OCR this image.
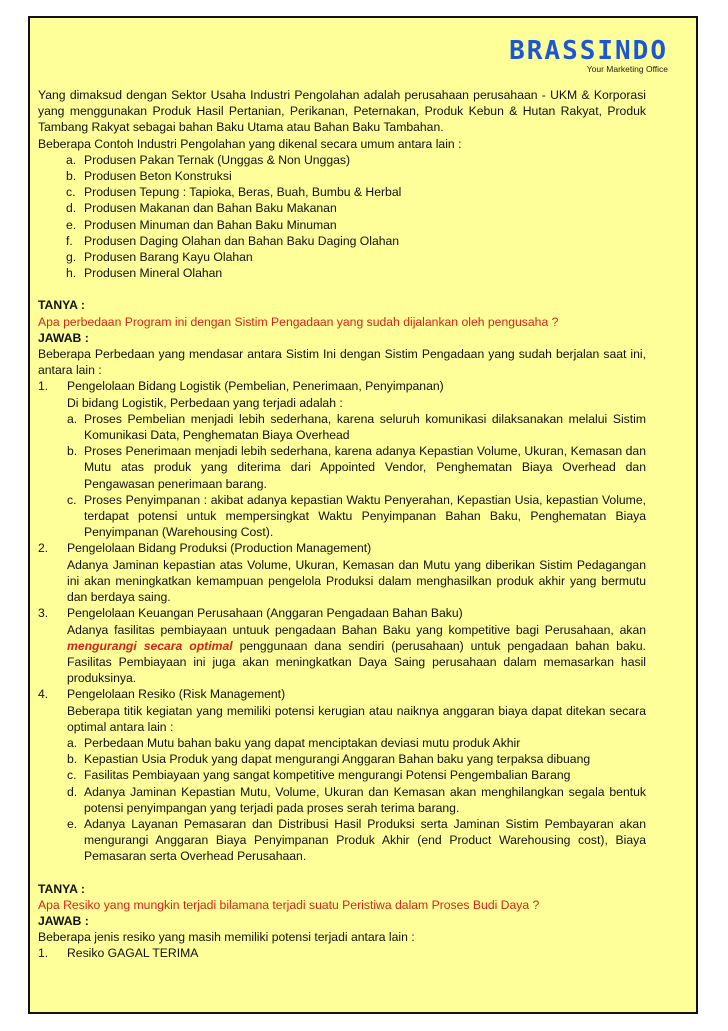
BRASSINDO
Your Marketing Office

Yang dimaksud dengan Sektor Usaha Industri Pengolahan adalah perusahaan perusahaan - UKM & Korporasi yang menggunakan Produk Hasil Pertanian, Perikanan, Peternakan, Produk Kebun & Hutan Rakyat, Produk Tambang Rakyat sebagai bahan Baku Utama atau Bahan Baku Tambahan.

Beberapa Contoh Industri Pengolahan yang dikenal secara umum antara lain :

a. Produsen Pakan Ternak (Unggas & Non Unggas)
b. Produsen Beton Konstruksi
c. Produsen Tepung : Tapioka, Beras, Buah, Bumbu & Herbal
d. Produsen Makanan dan Bahan Baku Makanan
e. Produsen Minuman dan Bahan Baku Minuman
f. Produsen Daging Olahan dan Bahan Baku Daging Olahan
g. Produsen Barang Kayu Olahan
h. Produsen Mineral Olahan
TANYA :
Apa perbedaan Program ini dengan Sistim Pengadaan yang sudah dijalankan oleh pengusaha ?
JAWAB :

Beberapa Perbedaan yang mendasar antara Sistim Ini dengan Sistim Pengadaan yang sudah berjalan saat ini, antara lain :

1. Pengelolaan Bidang Logistik (Pembelian, Penerimaan, Penyimpanan)
Di bidang Logistik, Perbedaan yang terjadi adalah :
a. Proses Pembelian menjadi lebih sederhana, karena seluruh komunikasi dilaksanakan melalui Sistim Komunikasi Data, Penghematan Biaya Overhead

b. Proses Penerimaan menjadi lebih sederhana, karena adanya Kepastian Volume, Ukuran, Kemasan dan Mutu atas produk yang diterima dari Appointed Vendor, Penghematan Biaya Overhead dan Pengawasan penerimaan barang.

c. Proses Penyimpanan : akibat adanya kepastian Waktu Penyerahan, Kepastian Usia, kepastian Volume, terdapat potensi untuk mempersingkat Waktu Penyimpanan Bahan Baku, Penghematan Biaya Penyimpanan (Warehousing Cost).

2. Pengelolaan Bidang Produksi (Production Management)

Adanya Jaminan kepastian atas Volume, Ukuran, Kemasan dan Mutu yang diberikan Sistim Pedagangan ini akan meningkatkan kemampuan pengelola Produksi dalam menghasilkan produk akhir yang bermutu dan berdaya saing.

3. Pengelolaan Keuangan Perusahaan (Anggaran Pengadaan Bahan Baku)

Adanya fasilitas pembiayaan untuuk pengadaan Bahan Baku yang kompetitive bagi Perusahaan, akan mengurangi secara optimal penggunaan dana sendiri (perusahaan) untuk pengadaan bahan baku. Fasilitas Pembiayaan ini juga akan meningkatkan Daya Saing perusahaan dalam memasarkan hasil produksinya.

4. Pengelolaan Resiko (Risk Management)

Beberapa titik kegiatan yang memiliki potensi kerugian atau naiknya anggaran biaya dapat ditekan secara optimal antara lain :

a. Perbedaan Mutu bahan baku yang dapat menciptakan deviasi mutu produk Akhir

b. Kepastian Usia Produk yang dapat mengurangi Anggaran Bahan baku yang terpaksa dibuang

c. Fasilitas Pembiayaan yang sangat kompetitive mengurangi Potensi Pengembalian Barang

d. Adanya Jaminan Kepastian Mutu, Volume, Ukuran dan Kemasan akan menghilangkan segala bentuk potensi penyimpangan yang terjadi pada proses serah terima barang.

e. Adanya Layanan Pemasaran dan Distribusi Hasil Produksi serta Jaminan Sistim Pembayaran akan mengurangi Anggaran Biaya Penyimpanan Produk Akhir (end Product Warehousing cost), Biaya Pemasaran serta Overhead Perusahaan.

TANYA :
Apa Resiko yang mungkin terjadi bilamana terjadi suatu Peristiwa dalam Proses Budi Daya ?
JAWAB :

Beberapa jenis resiko yang masih memiliki potensi terjadi antara lain :

1. Resiko GAGAL TERIMA
